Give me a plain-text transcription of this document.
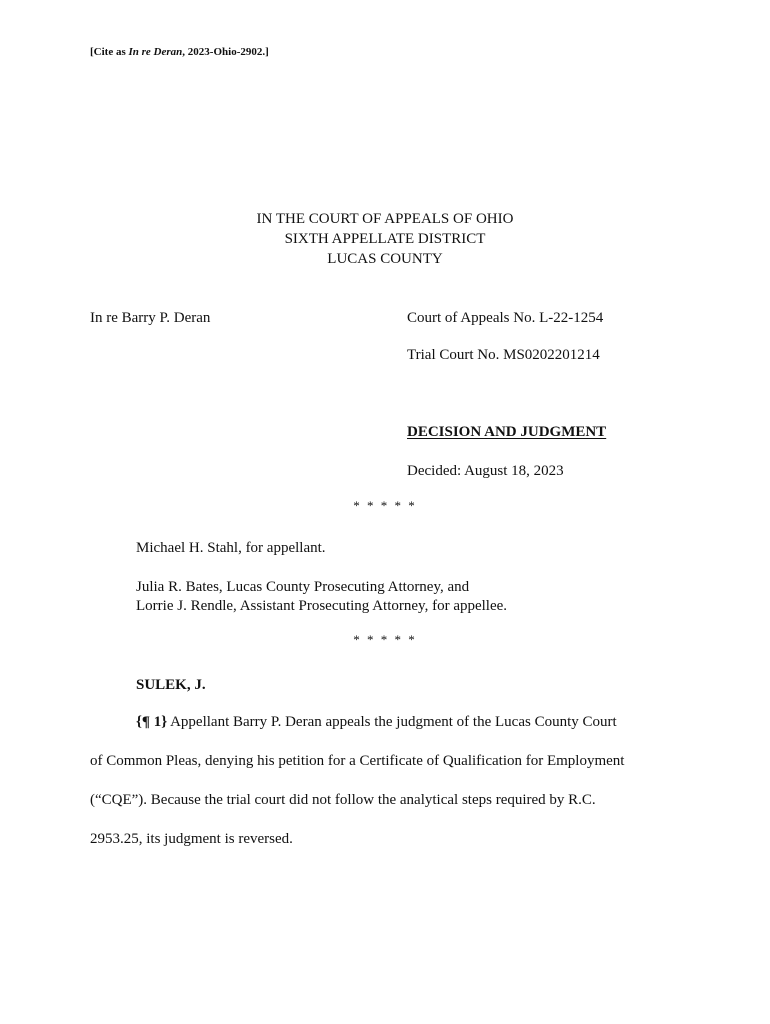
[Cite as In re Deran, 2023-Ohio-2902.]
IN THE COURT OF APPEALS OF OHIO
SIXTH APPELLATE DISTRICT
LUCAS COUNTY
In re Barry P. Deran	Court of Appeals No. L-22-1254
Trial Court No. MS0202201214
DECISION AND JUDGMENT
Decided: August 18, 2023
* * * * *
Michael H. Stahl, for appellant.
Julia R. Bates, Lucas County Prosecuting Attorney, and
Lorrie J. Rendle, Assistant Prosecuting Attorney, for appellee.
* * * * *
SULEK, J.
{¶ 1} Appellant Barry P. Deran appeals the judgment of the Lucas County Court
of Common Pleas, denying his petition for a Certificate of Qualification for Employment
(“CQE”). Because the trial court did not follow the analytical steps required by R.C.
2953.25, its judgment is reversed.
